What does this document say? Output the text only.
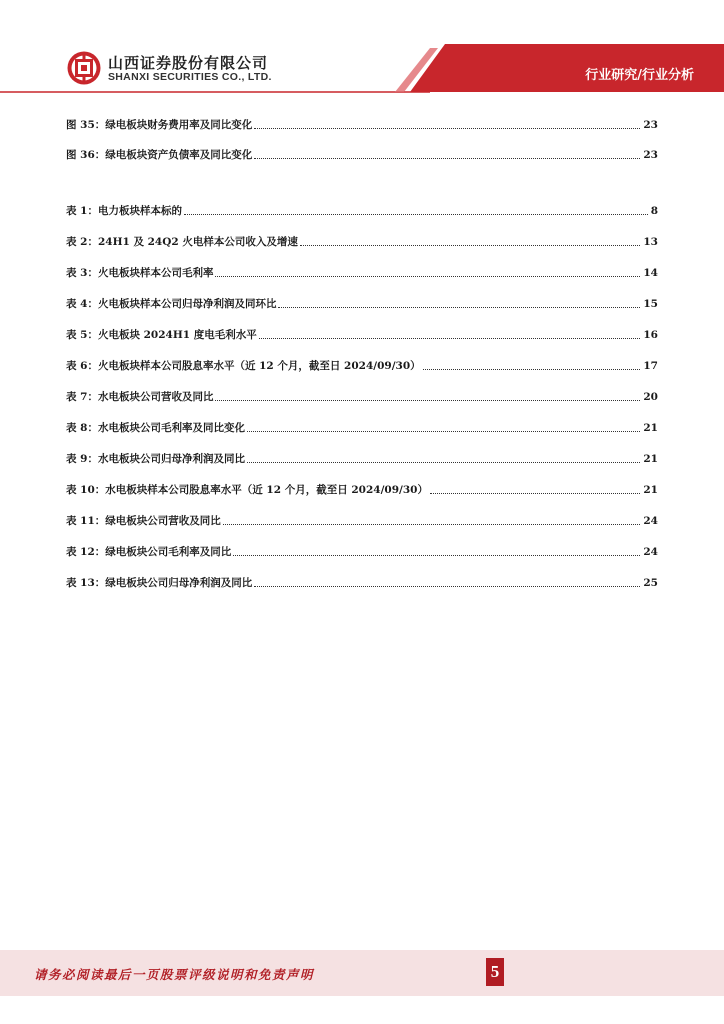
山西证券股份有限公司
SHANXI SECURITIES CO., LTD.	行业研究/行业分析
图 35： 绿电板块财务费用率及同比变化	23
图 36： 绿电板块资产负债率及同比变化	23
表 1： 电力板块样本标的	8
表 2： 24H1 及 24Q2 火电样本公司收入及增速	13
表 3： 火电板块样本公司毛利率	14
表 4： 火电板块样本公司归母净利润及同环比	15
表 5： 火电板块 2024H1 度电毛利水平	16
表 6： 火电板块样本公司股息率水平（近 12 个月，截至日 2024/09/30）	17
表 7： 水电板块公司营收及同比	20
表 8： 水电板块公司毛利率及同比变化	21
表 9： 水电板块公司归母净利润及同比	21
表 10： 水电板块样本公司股息率水平（近 12 个月，截至日 2024/09/30）	21
表 11： 绿电板块公司营收及同比	24
表 12： 绿电板块公司毛利率及同比	24
表 13： 绿电板块公司归母净利润及同比	25
请务必阅读最后一页股票评级说明和免责声明	5
